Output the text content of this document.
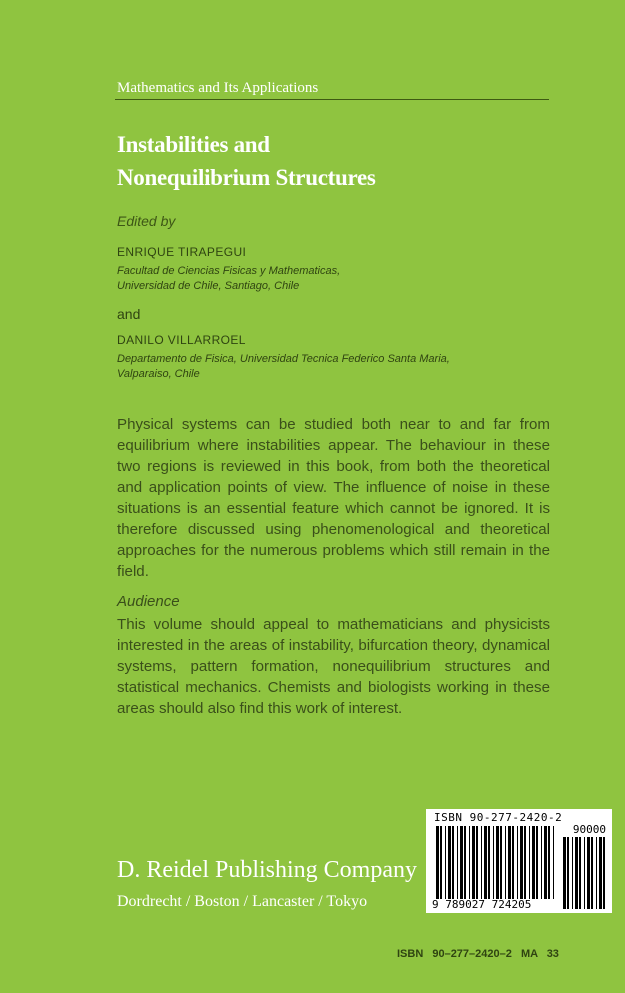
Mathematics and Its Applications
Instabilities and
Nonequilibrium Structures
Edited by
ENRIQUE TIRAPEGUI
Facultad de Ciencias Fisicas y Mathematicas,
Universidad de Chile, Santiago, Chile
and
DANILO VILLARROEL
Departamento de Fisica, Universidad Tecnica Federico Santa Maria,
Valparaiso, Chile
Physical systems can be studied both near to and far from equilibrium where instabilities appear. The behaviour in these two regions is reviewed in this book, from both the theoretical and application points of view. The influence of noise in these situations is an essential feature which cannot be ignored. It is therefore discussed using phenomenological and theoretical approaches for the numerous problems which still remain in the field.
Audience
This volume should appeal to mathematicians and physicists interested in the areas of instability, bifurcation theory, dynamical systems, pattern formation, nonequilibrium structures and statistical mechanics. Chemists and biologists working in these areas should also find this work of interest.
D. Reidel Publishing Company
Dordrecht / Boston / Lancaster / Tokyo
ISBN 90-277-2420-2
90000
9 789027 724205
ISBN 90–277–2420–2 MA 33
